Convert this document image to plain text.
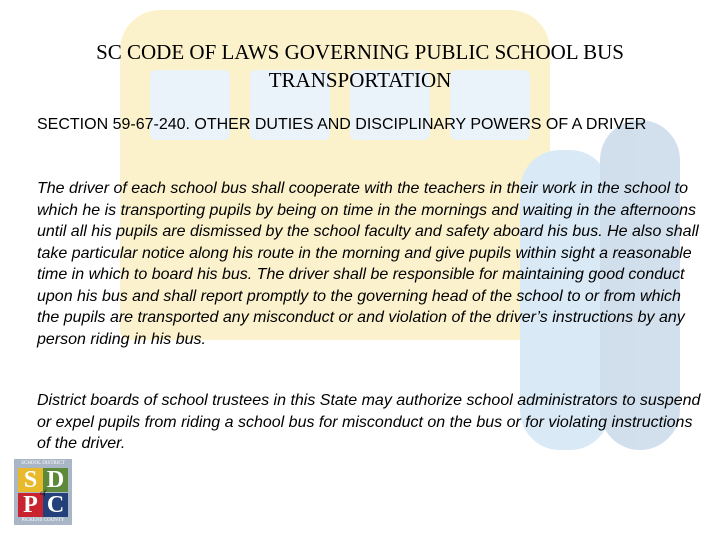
SC CODE OF LAWS GOVERNING PUBLIC SCHOOL BUS TRANSPORTATION
SECTION 59-67-240. OTHER DUTIES AND DISCIPLINARY POWERS OF A DRIVER
The driver of each school bus shall cooperate with the teachers in their work in the school to which he is transporting pupils by being on time in the mornings and waiting in the afternoons until all his pupils are dismissed by the school faculty and safety aboard his bus. He also shall take particular notice along his route in the morning and give pupils within sight a reasonable time in which to board his bus. The driver shall be responsible for maintaining good conduct upon his bus and shall report promptly to the governing head of the school to or from which the pupils are transported any misconduct or and violation of the driver’s instructions by any person riding in his bus.
District boards of school trustees in this State may authorize school administrators to suspend or expel pupils from riding a school bus for misconduct on the bus or for violating instructions of the driver.
SCHOOL DISTRICT
S D
P C
of
PICKENS COUNTY
